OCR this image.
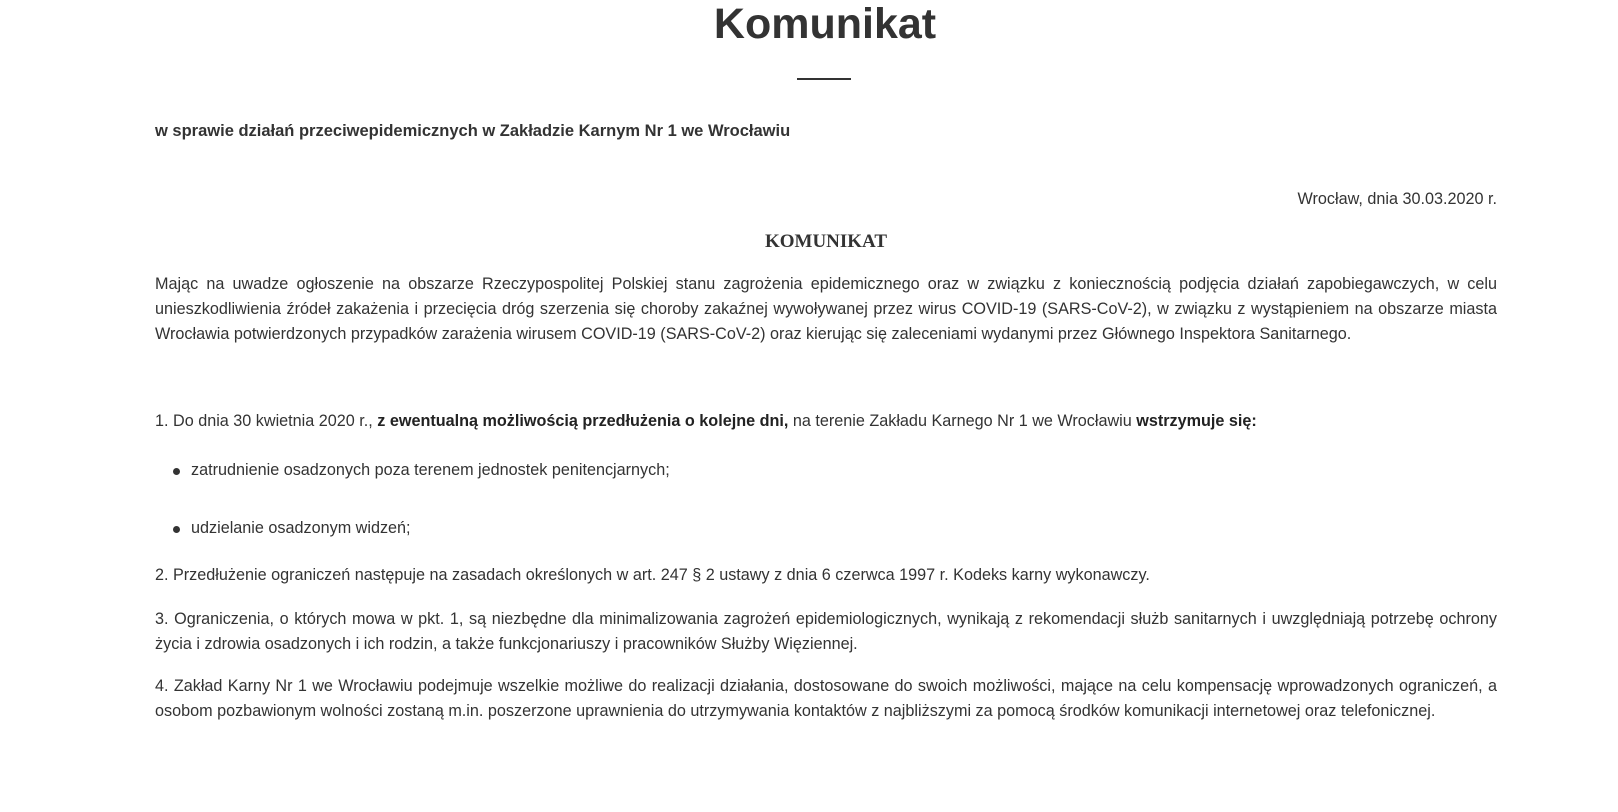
Komunikat

w sprawie działań przeciwepidemicznych w Zakładzie Karnym Nr 1 we Wrocławiu

Wrocław, dnia 30.03.2020 r.

KOMUNIKAT

Mając na uwadze ogłoszenie na obszarze Rzeczypospolitej Polskiej stanu zagrożenia epidemicznego oraz w związku z koniecznością podjęcia działań zapobiegawczych, w celu unieszkodliwienia źródeł zakażenia i przecięcia dróg szerzenia się choroby zakaźnej wywoływanej przez wirus COVID-19 (SARS-CoV-2), w związku z wystąpieniem na obszarze miasta Wrocławia potwierdzonych przypadków zarażenia wirusem COVID-19 (SARS-CoV-2) oraz kierując się zaleceniami wydanymi przez Głównego Inspektora Sanitarnego.

1. Do dnia 30 kwietnia 2020 r., z ewentualną możliwością przedłużenia o kolejne dni, na terenie Zakładu Karnego Nr 1 we Wrocławiu wstrzymuje się:

zatrudnienie osadzonych poza terenem jednostek penitencjarnych;
udzielanie osadzonym widzeń;

2. Przedłużenie ograniczeń następuje na zasadach określonych w art. 247 § 2 ustawy z dnia 6 czerwca 1997 r. Kodeks karny wykonawczy.

3. Ograniczenia, o których mowa w pkt. 1, są niezbędne dla minimalizowania zagrożeń epidemiologicznych, wynikają z rekomendacji służb sanitarnych i uwzględniają potrzebę ochrony życia i zdrowia osadzonych i ich rodzin, a także funkcjonariuszy i pracowników Służby Więziennej.

4. Zakład Karny Nr 1 we Wrocławiu podejmuje wszelkie możliwe do realizacji działania, dostosowane do swoich możliwości, mające na celu kompensację wprowadzonych ograniczeń, a osobom pozbawionym wolności zostaną m.in. poszerzone uprawnienia do utrzymywania kontaktów z najbliższymi za pomocą środków komunikacji internetowej oraz telefonicznej.
